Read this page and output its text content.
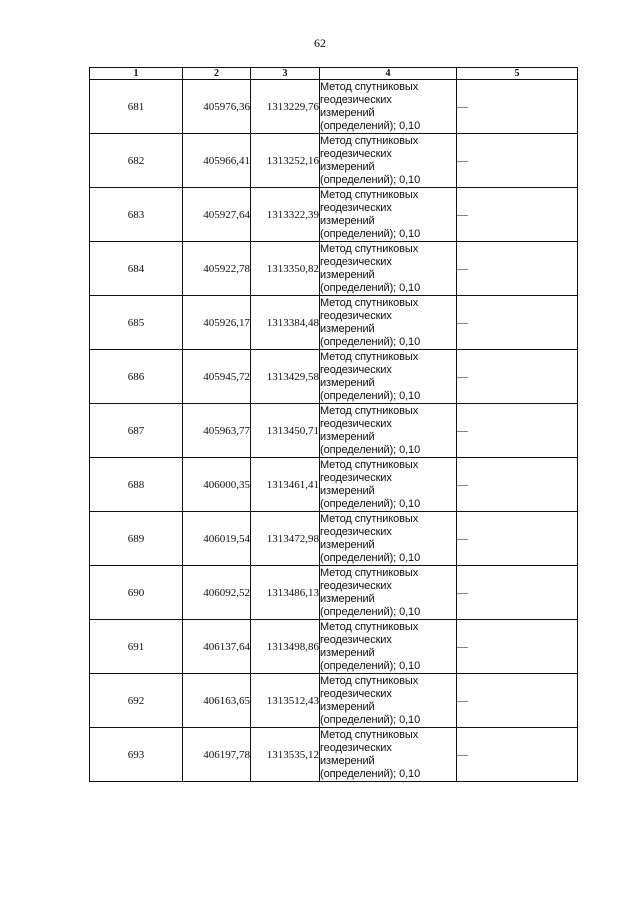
62
1	2	3	4	5
681	405976,36	1313229,76	Метод спутниковых
геодезических
измерений
(определений); 0,10	—
682	405966,41	1313252,16	Метод спутниковых
геодезических
измерений
(определений); 0,10	—
683	405927,64	1313322,39	Метод спутниковых
геодезических
измерений
(определений); 0,10	—
684	405922,78	1313350,82	Метод спутниковых
геодезических
измерений
(определений); 0,10	—
685	405926,17	1313384,48	Метод спутниковых
геодезических
измерений
(определений); 0,10	—
686	405945,72	1313429,58	Метод спутниковых
геодезических
измерений
(определений); 0,10	—
687	405963,77	1313450,71	Метод спутниковых
геодезических
измерений
(определений); 0,10	—
688	406000,35	1313461,41	Метод спутниковых
геодезических
измерений
(определений); 0,10	—
689	406019,54	1313472,98	Метод спутниковых
геодезических
измерений
(определений); 0,10	—
690	406092,52	1313486,13	Метод спутниковых
геодезических
измерений
(определений); 0,10	—
691	406137,64	1313498,86	Метод спутниковых
геодезических
измерений
(определений); 0,10	—
692	406163,65	1313512,43	Метод спутниковых
геодезических
измерений
(определений); 0,10	—
693	406197,78	1313535,12	Метод спутниковых
геодезических
измерений
(определений); 0,10	—
